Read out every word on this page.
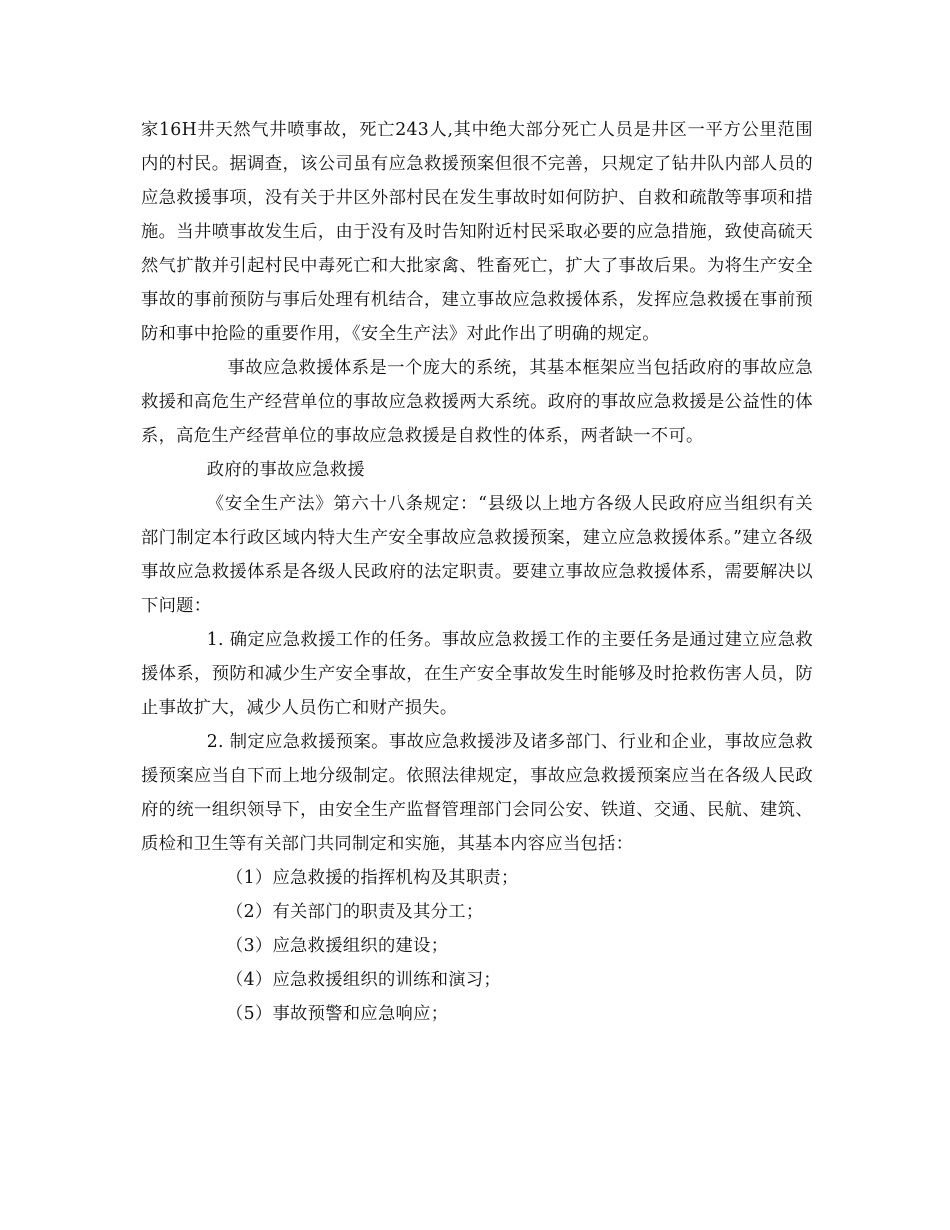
家16H井天然气井喷事故，死亡243人,其中绝大部分死亡人员是井区一平方公里范围内的村民。据调查，该公司虽有应急救援预案但很不完善，只规定了钻井队内部人员的应急救援事项，没有关于井区外部村民在发生事故时如何防护、自救和疏散等事项和措施。当井喷事故发生后，由于没有及时告知附近村民采取必要的应急措施，致使高硫天然气扩散并引起村民中毒死亡和大批家禽、牲畜死亡，扩大了事故后果。为将生产安全事故的事前预防与事后处理有机结合，建立事故应急救援体系，发挥应急救援在事前预防和事中抢险的重要作用，《安全生产法》对此作出了明确的规定。

事故应急救援体系是一个庞大的系统，其基本框架应当包括政府的事故应急救援和高危生产经营单位的事故应急救援两大系统。政府的事故应急救援是公益性的体系，高危生产经营单位的事故应急救援是自救性的体系，两者缺一不可。

政府的事故应急救援

《安全生产法》第六十八条规定：“县级以上地方各级人民政府应当组织有关部门制定本行政区域内特大生产安全事故应急救援预案，建立应急救援体系。”建立各级事故应急救援体系是各级人民政府的法定职责。要建立事故应急救援体系，需要解决以下问题：

1. 确定应急救援工作的任务。事故应急救援工作的主要任务是通过建立应急救援体系，预防和减少生产安全事故，在生产安全事故发生时能够及时抢救伤害人员，防止事故扩大，减少人员伤亡和财产损失。

2. 制定应急救援预案。事故应急救援涉及诸多部门、行业和企业，事故应急救援预案应当自下而上地分级制定。依照法律规定，事故应急救援预案应当在各级人民政府的统一组织领导下，由安全生产监督管理部门会同公安、铁道、交通、民航、建筑、质检和卫生等有关部门共同制定和实施，其基本内容应当包括：

（1）应急救援的指挥机构及其职责；

（2）有关部门的职责及其分工；

（3）应急救援组织的建设；

（4）应急救援组织的训练和演习；

（5）事故预警和应急响应；
